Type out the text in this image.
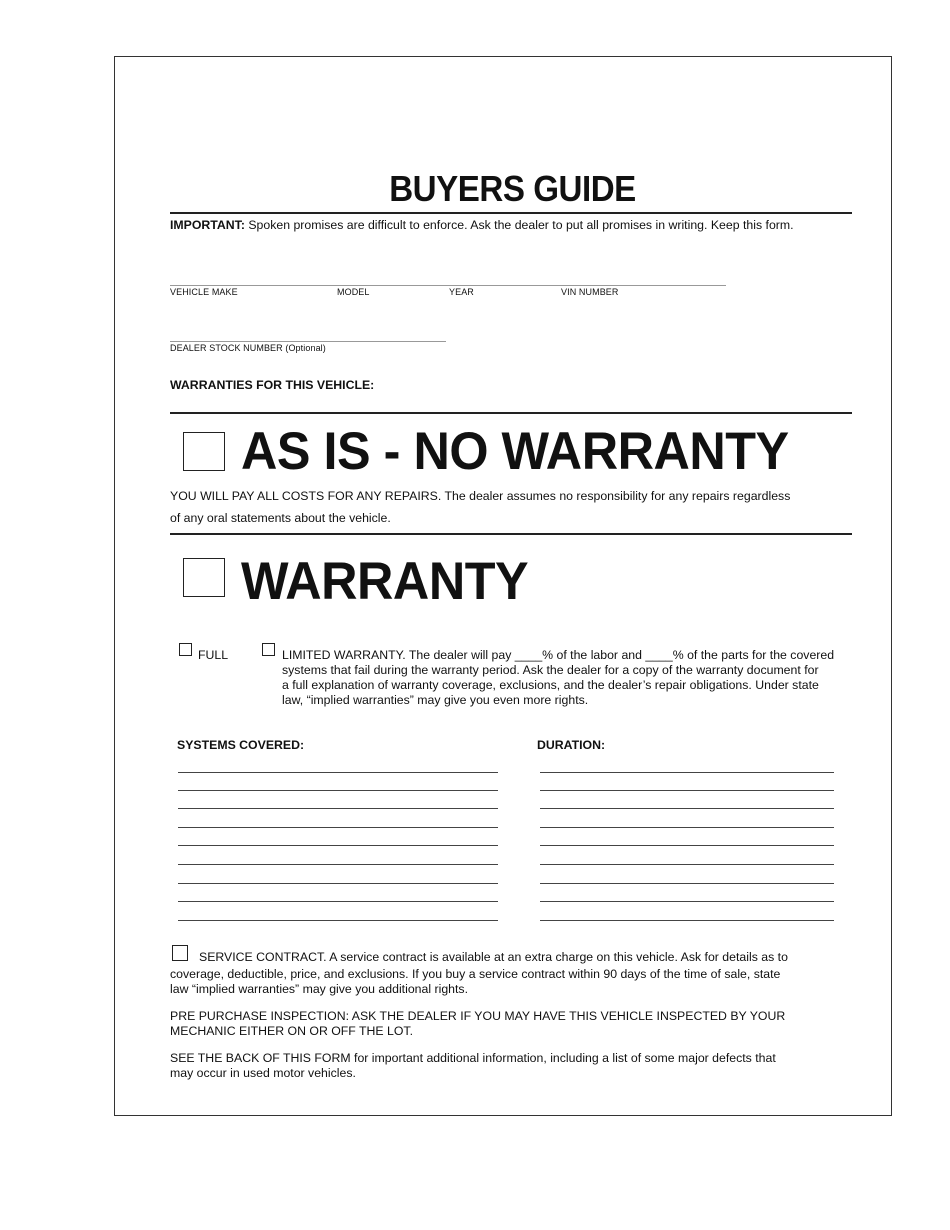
BUYERS GUIDE
IMPORTANT: Spoken promises are difficult to enforce. Ask the dealer to put all promises in writing. Keep this form.
VEHICLE MAKE	MODEL	YEAR	VIN NUMBER
DEALER STOCK NUMBER (Optional)
WARRANTIES FOR THIS VEHICLE:
AS IS - NO WARRANTY
YOU WILL PAY ALL COSTS FOR ANY REPAIRS. The dealer assumes no responsibility for any repairs regardless
of any oral statements about the vehicle.
WARRANTY
FULL	LIMITED WARRANTY. The dealer will pay ____% of the labor and ____% of the parts for the covered
systems that fail during the warranty period. Ask the dealer for a copy of the warranty document for
a full explanation of warranty coverage, exclusions, and the dealer’s repair obligations. Under state
law, “implied warranties” may give you even more rights.
SYSTEMS COVERED:	DURATION:
SERVICE CONTRACT. A service contract is available at an extra charge on this vehicle. Ask for details as to
coverage, deductible, price, and exclusions. If you buy a service contract within 90 days of the time of sale, state
law “implied warranties” may give you additional rights.
PRE PURCHASE INSPECTION: ASK THE DEALER IF YOU MAY HAVE THIS VEHICLE INSPECTED BY YOUR
MECHANIC EITHER ON OR OFF THE LOT.
SEE THE BACK OF THIS FORM for important additional information, including a list of some major defects that
may occur in used motor vehicles.
